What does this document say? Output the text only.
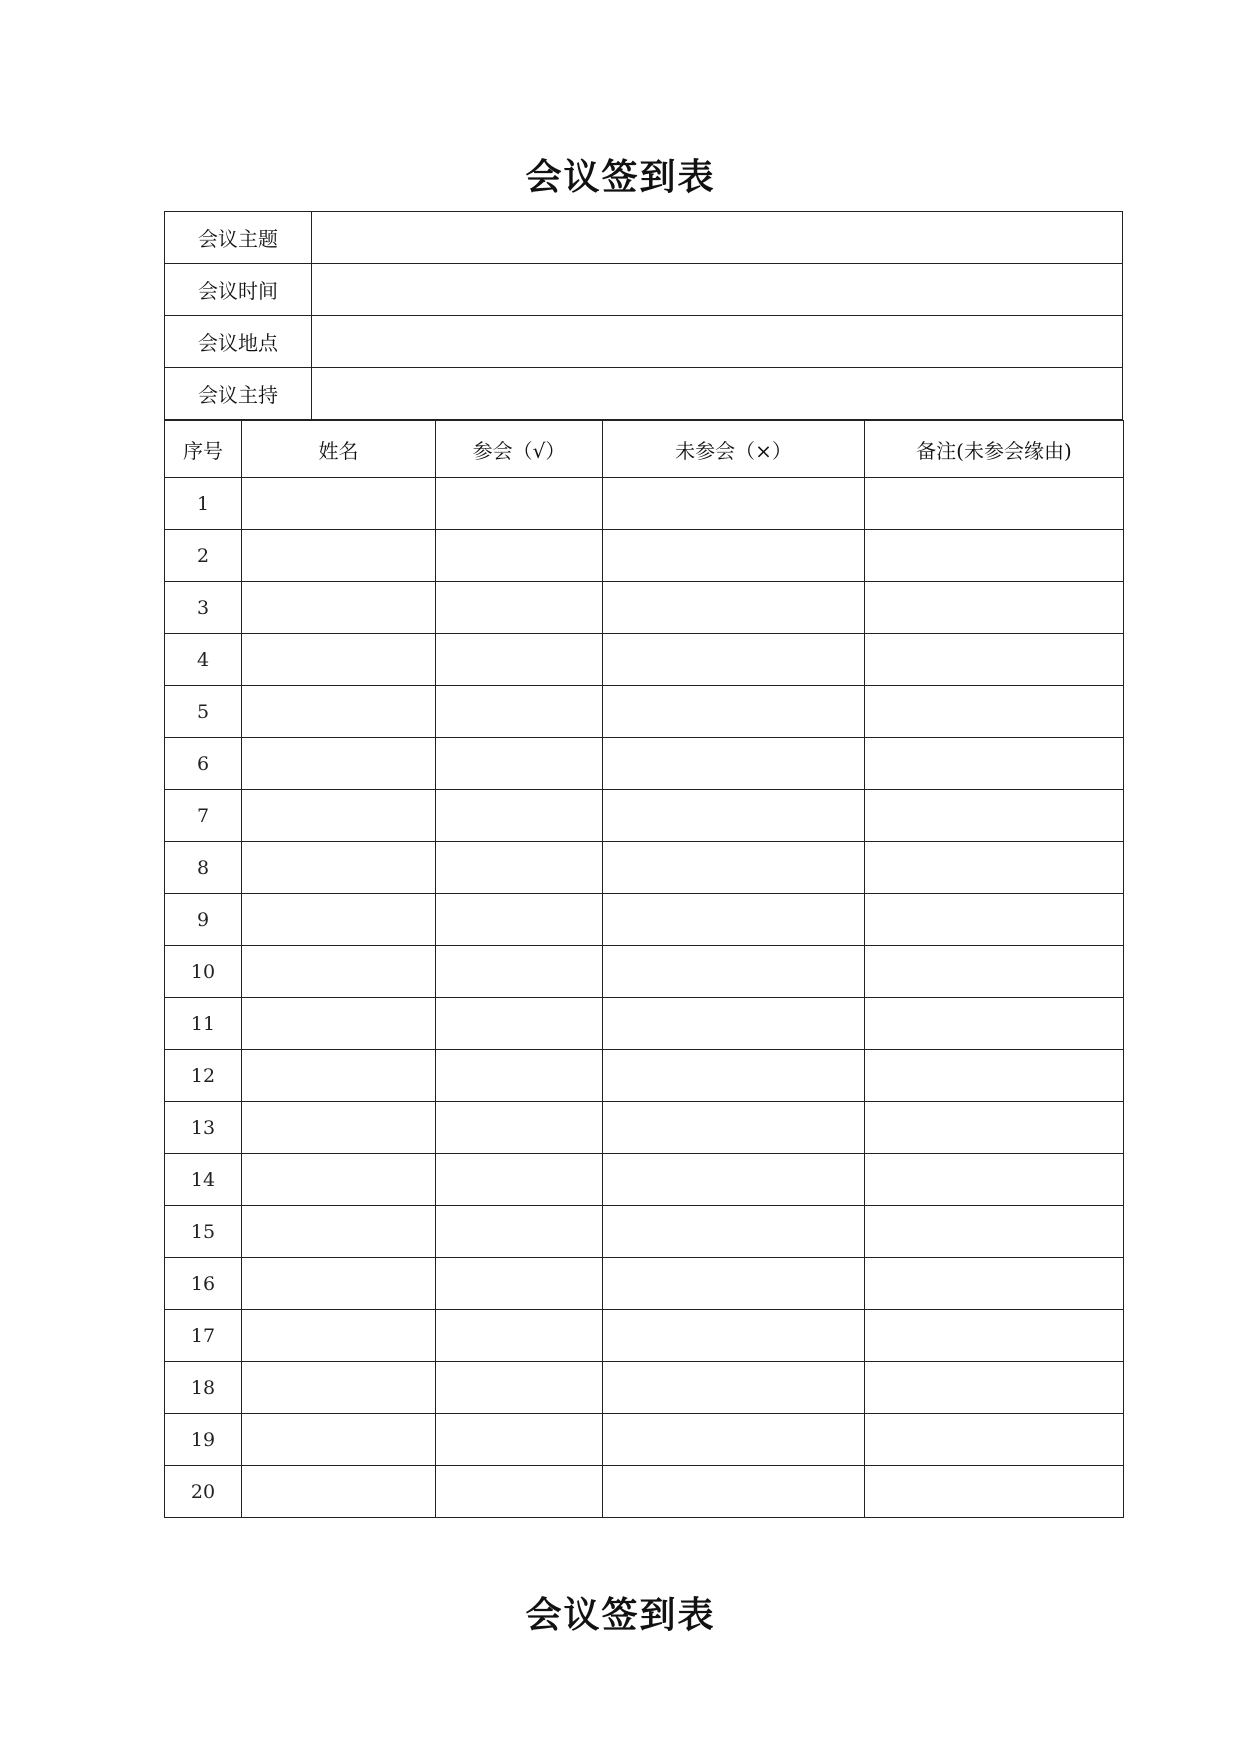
会议签到表
会议主题	
会议时间	
会议地点	
会议主持	
序号	姓名	参会（√）	未参会（×）	备注(未参会缘由)
1				
2				
3				
4				
5				
6				
7				
8				
9				
10				
11				
12				
13				
14				
15				
16				
17				
18				
19				
20				
会议签到表
